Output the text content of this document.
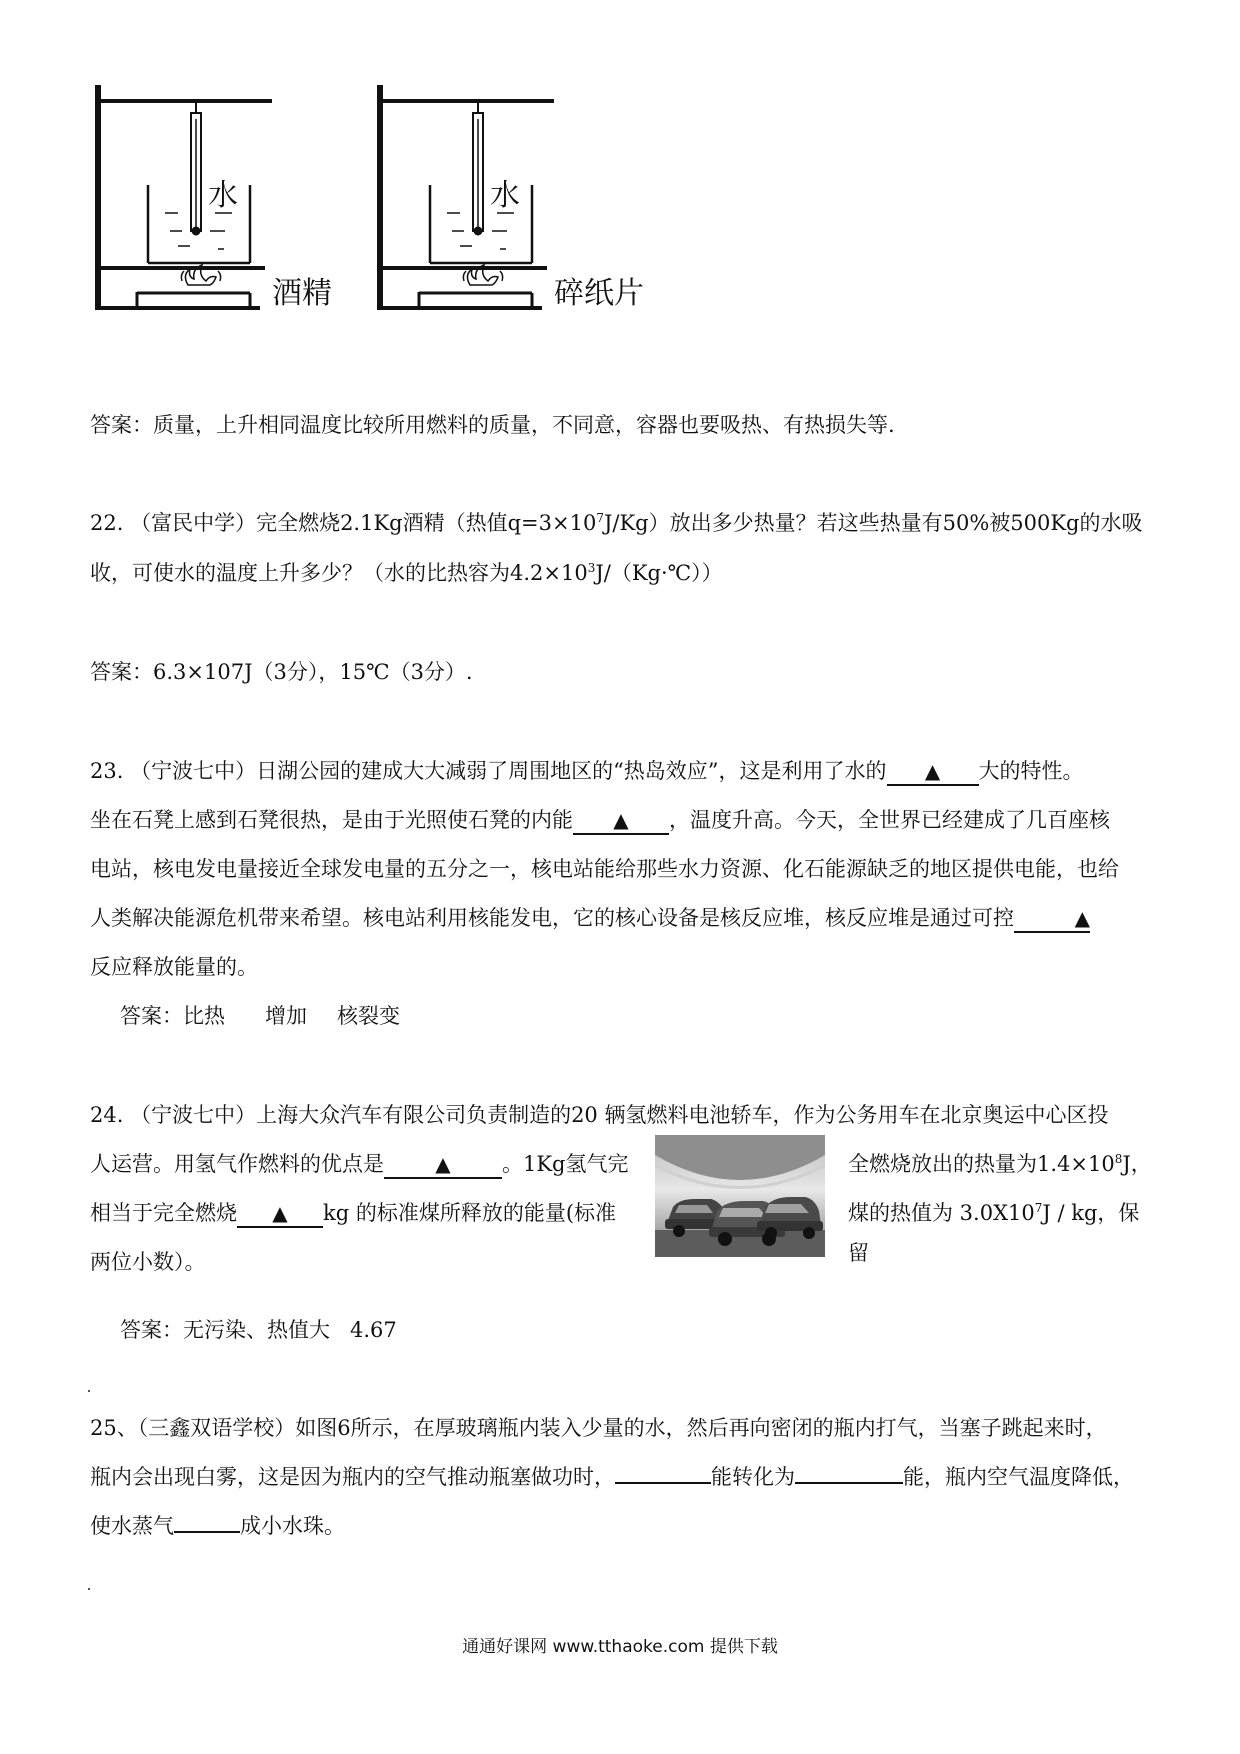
水
酒精
水
碎纸片

答案：质量，上升相同温度比较所用燃料的质量，不同意，容器也要吸热、有热损失等.

22. （富民中学）完全燃烧2.1Kg酒精（热值$q=3\times 10^7J/Kg$）放出多少热量？若这些热量有50%被500Kg的水吸

收，可使水的温度上升多少？（水的比热容为$4.2\times 10^3J/(Kg\cdot℃)$）

答案：6.3×107J（3分），15℃（3分）.

23. （宁波七中）日湖公园的建成大大减弱了周围地区的“热岛效应”，这是利用了水的 ▲ 大的特性。

坐在石凳上感到石凳很热，是由于光照使石凳的内能 ▲ ，温度升高。今天，全世界已经建成了几百座核

电站，核电发电量接近全球发电量的五分之一，核电站能给那些水力资源、化石能源缺乏的地区提供电能，也给

人类解决能源危机带来希望。核电站利用核能发电，它的核心设备是核反应堆，核反应堆是通过可控	▲

反应释放能量的。

答案：比热 增加 核裂变

24. （宁波七中）上海大众汽车有限公司负责制造的20 辆氢燃料电池轿车，作为公务用车在北京奥运中心区投

人运营。用氢气作燃料的优点是	▲ 。1Kg氢气完	全燃烧放出的热量为$1.4\times 10^8J$，

相当于完全燃烧 ▲ kg 的标准煤所释放的能量(标准	煤的热值为 $3.0X10^7J$ / kg，保留

两位小数）。

答案：无污染、热值大 4.67

25、（三鑫双语学校）如图6所示，在厚玻璃瓶内装入少量的水，然后再向密闭的瓶内打气，当塞子跳起来时，

瓶内会出现白雾，这是因为瓶内的空气推动瓶塞做功时，	能转化为	能，瓶内空气温度降低，

使水蒸气	成小水珠。

通通好课网 www.tthaoke.com 提供下载
